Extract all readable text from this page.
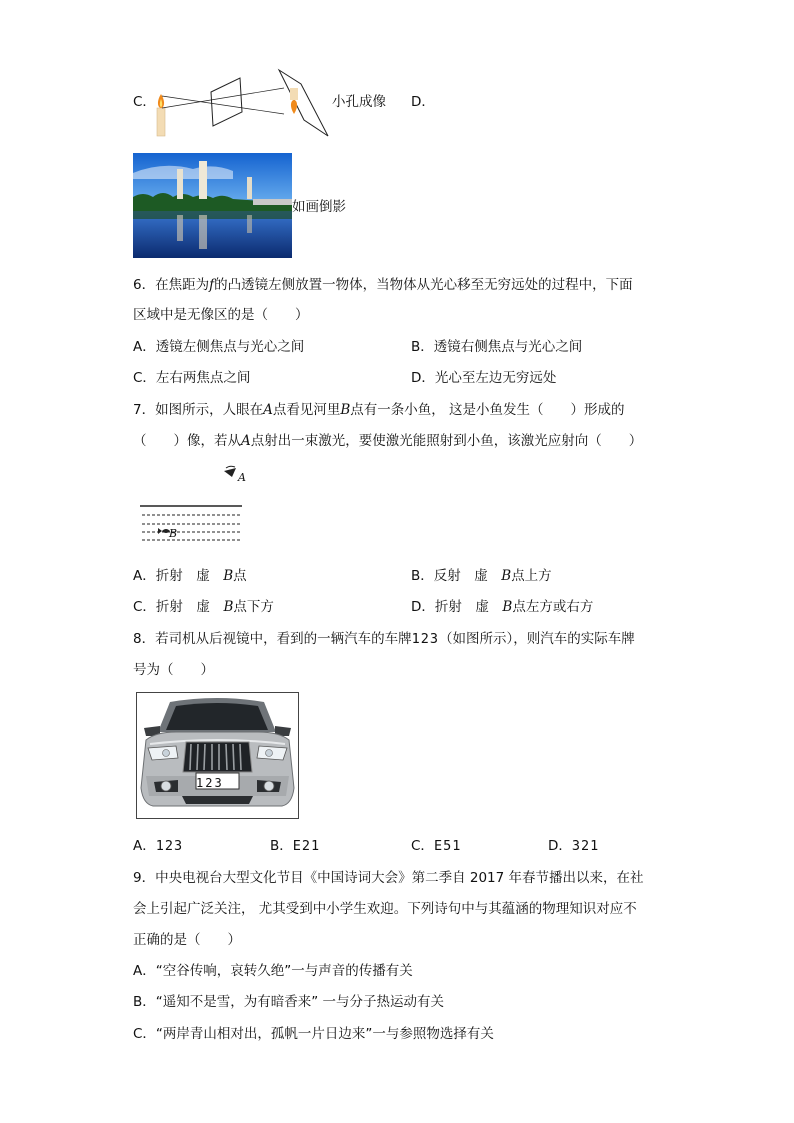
C．	小孔成像 D．
如画倒影
6．在焦距为f的凸透镜左侧放置一物体，当物体从光心移至无穷远处的过程中，下面
区域中是无像区的是（　　）
A．透镜左侧焦点与光心之间	B．透镜右侧焦点与光心之间
C．左右两焦点之间	D．光心至左边无穷远处
7．如图所示，人眼在A点看见河里B点有一条小鱼， 这是小鱼发生（　　）形成的
（　　）像，若从A点射出一束激光，要使激光能照射到小鱼，该激光应射向（　　）
A
B
A．折射　虚　B点	B．反射　虚　B点上方
C．折射　虚　B点下方	D．折射　虚　B点左方或右方
8．若司机从后视镜中，看到的一辆汽车的车牌123（如图所示），则汽车的实际车牌
号为（　　）
123
A．123	B．E21	C．E51	D．321
9．中央电视台大型文化节目《中国诗词大会》第二季自 2017 年春节播出以来，在社
会上引起广泛关注， 尤其受到中小学生欢迎。下列诗句中与其蕴涵的物理知识对应不
正确的是（　　）
A．“空谷传响，哀转久绝”一与声音的传播有关
B．“遥知不是雪，为有暗香来” 一与分子热运动有关
C．“两岸青山相对出，孤帆一片日边来”一与参照物选择有关
